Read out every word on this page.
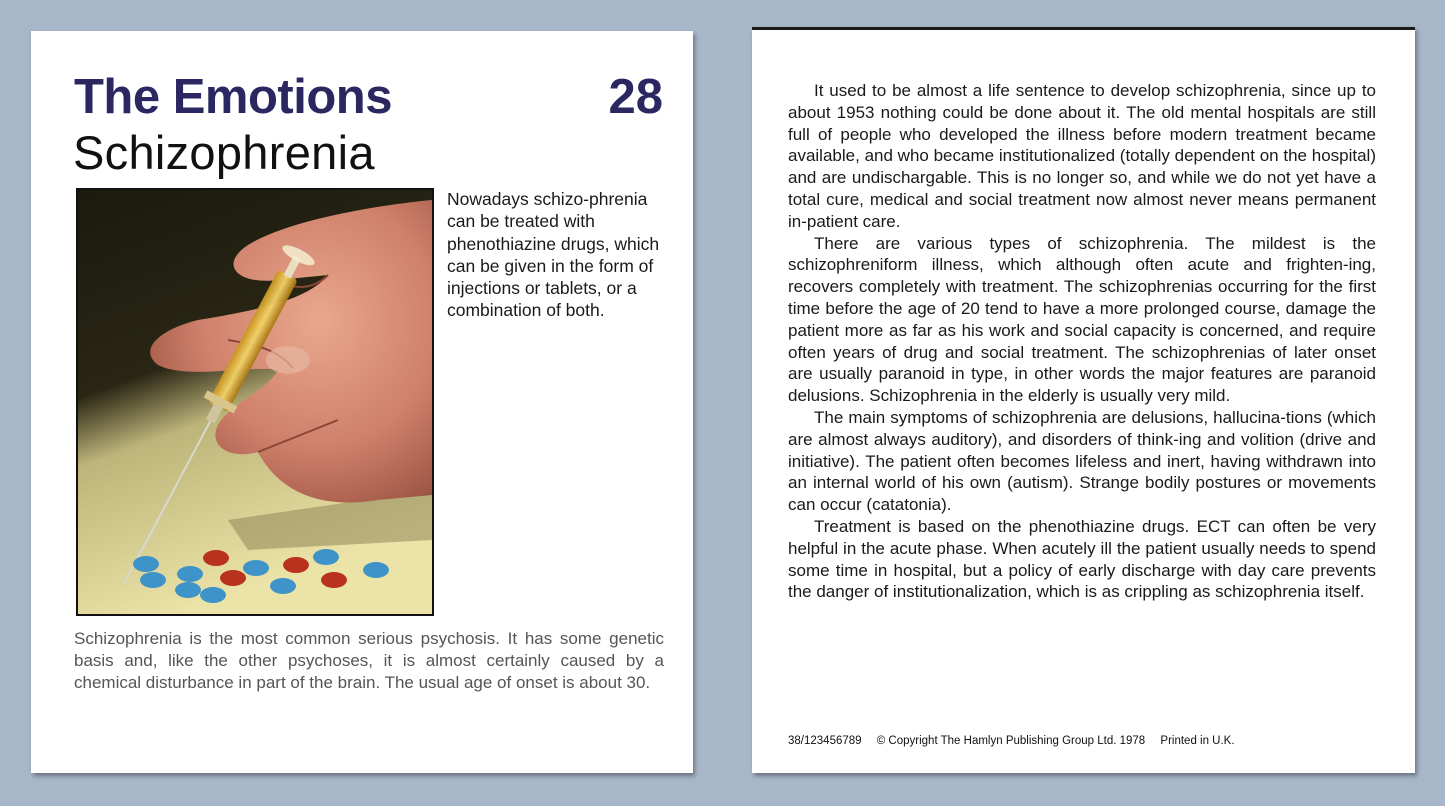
The Emotions	28
Schizophrenia

Nowadays schizo-phrenia can be treated with phenothiazine drugs, which can be given in the form of injections or tablets, or a combination of both.

Schizophrenia is the most common serious psychosis. It has some genetic basis and, like the other psychoses, it is almost certainly caused by a chemical disturbance in part of the brain. The usual age of onset is about 30.

It used to be almost a life sentence to develop schizophrenia, since up to about 1953 nothing could be done about it. The old mental hospitals are still full of people who developed the illness before modern treatment became available, and who became institutionalized (totally dependent on the hospital) and are undischargable. This is no longer so, and while we do not yet have a total cure, medical and social treatment now almost never means permanent in-patient care.

There are various types of schizophrenia. The mildest is the schizophreniform illness, which although often acute and frighten-ing, recovers completely with treatment. The schizophrenias occurring for the first time before the age of 20 tend to have a more prolonged course, damage the patient more as far as his work and social capacity is concerned, and require often years of drug and social treatment. The schizophrenias of later onset are usually paranoid in type, in other words the major features are paranoid delusions. Schizophrenia in the elderly is usually very mild.

The main symptoms of schizophrenia are delusions, hallucina-tions (which are almost always auditory), and disorders of think-ing and volition (drive and initiative). The patient often becomes lifeless and inert, having withdrawn into an internal world of his own (autism). Strange bodily postures or movements can occur (catatonia).

Treatment is based on the phenothiazine drugs. ECT can often be very helpful in the acute phase. When acutely ill the patient usually needs to spend some time in hospital, but a policy of early discharge with day care prevents the danger of institutionalization, which is as crippling as schizophrenia itself.

38/123456789 © Copyright The Hamlyn Publishing Group Ltd. 1978 Printed in U.K.
